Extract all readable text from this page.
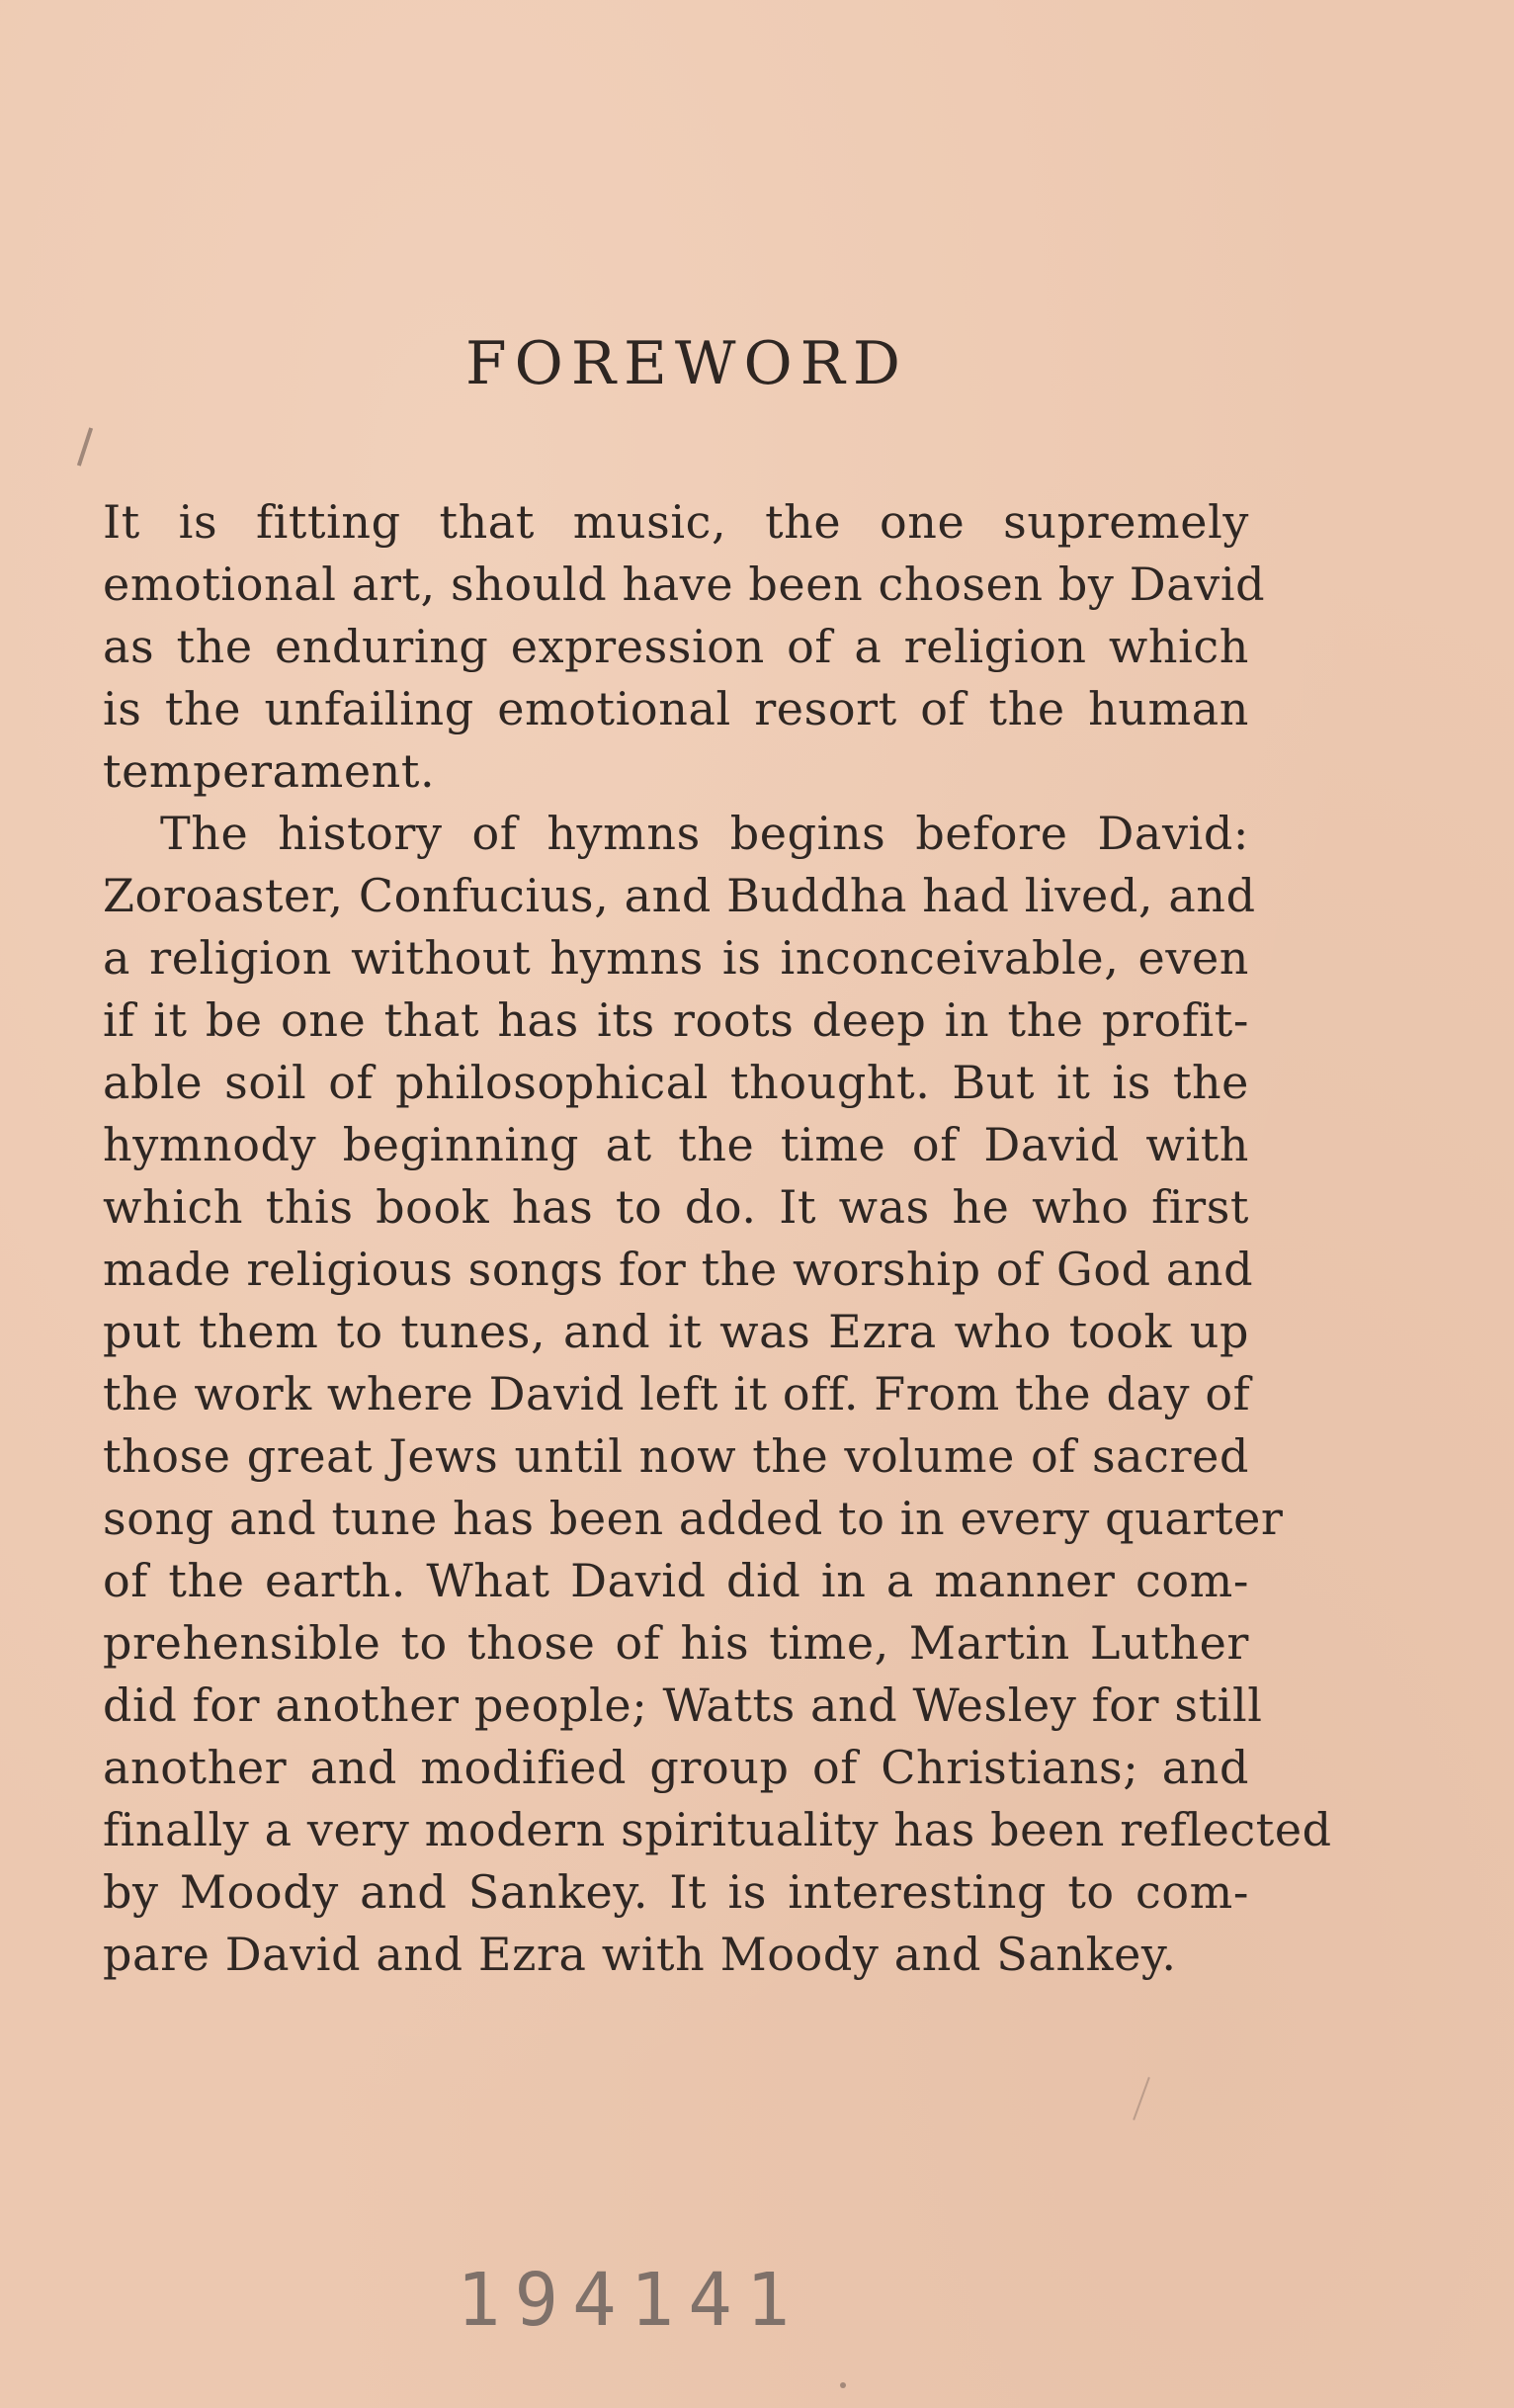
FOREWORD
It is fitting that music, the one supremely
emotional art, should have been chosen by David
as the enduring expression of a religion which
is the unfailing emotional resort of the human
temperament.
The history of hymns begins before David:
Zoroaster, Confucius, and Buddha had lived, and
a religion without hymns is inconceivable, even
if it be one that has its roots deep in the profit-
able soil of philosophical thought. But it is the
hymnody beginning at the time of David with
which this book has to do. It was he who first
made religious songs for the worship of God and
put them to tunes, and it was Ezra who took up
the work where David left it off. From the day of
those great Jews until now the volume of sacred
song and tune has been added to in every quarter
of the earth. What David did in a manner com-
prehensible to those of his time, Martin Luther
did for another people; Watts and Wesley for still
another and modified group of Christians; and
finally a very modern spirituality has been reflected
by Moody and Sankey. It is interesting to com-
pare David and Ezra with Moody and Sankey.
194141
